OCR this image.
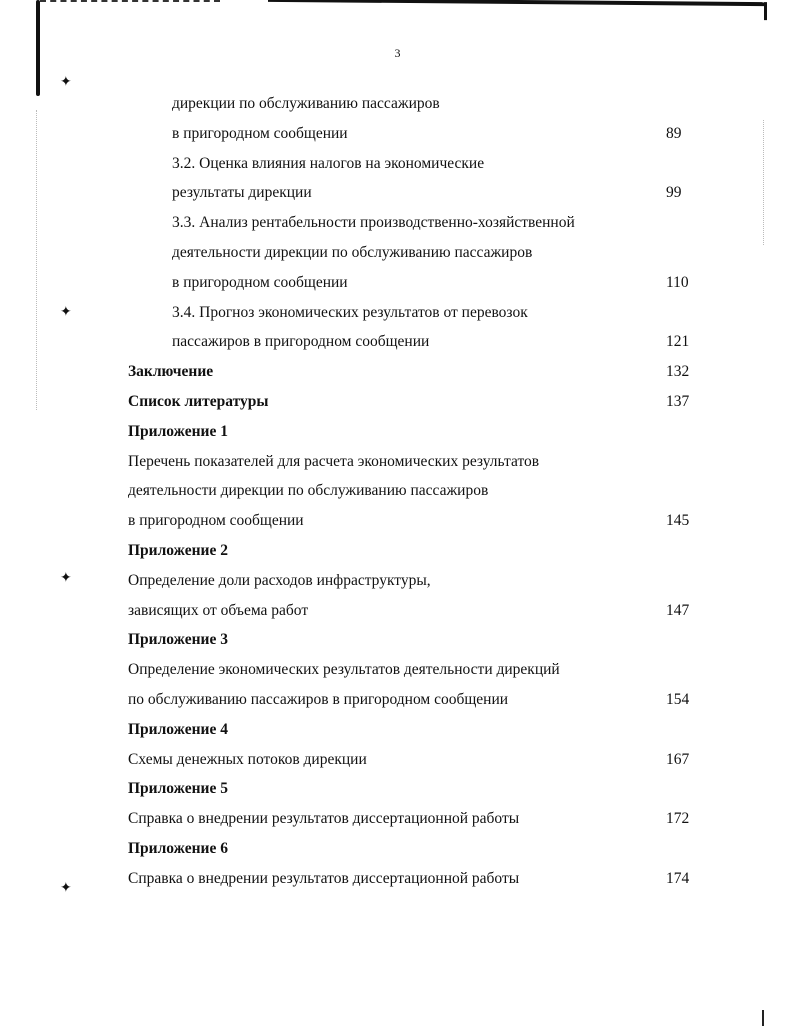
✦
✦
✦
✦
3
дирекции по обслуживанию пассажиров
в пригородном сообщении	89
3.2. Оценка влияния налогов на экономические
результаты дирекции	99
3.3. Анализ рентабельности производственно-хозяйственной
деятельности дирекции по обслуживанию пассажиров
в пригородном сообщении	110
3.4. Прогноз экономических результатов от перевозок
пассажиров в пригородном сообщении	121
Заключение	132
Список литературы	137
Приложение 1
Перечень показателей для расчета экономических результатов
деятельности дирекции по обслуживанию пассажиров
в пригородном сообщении	145
Приложение 2
Определение доли расходов инфраструктуры,
зависящих от объема работ	147
Приложение 3
Определение экономических результатов деятельности дирекций
по обслуживанию пассажиров в пригородном сообщении	154
Приложение 4
Схемы денежных потоков дирекции	167
Приложение 5
Справка о внедрении результатов диссертационной работы	172
Приложение 6
Справка о внедрении результатов диссертационной работы	174
